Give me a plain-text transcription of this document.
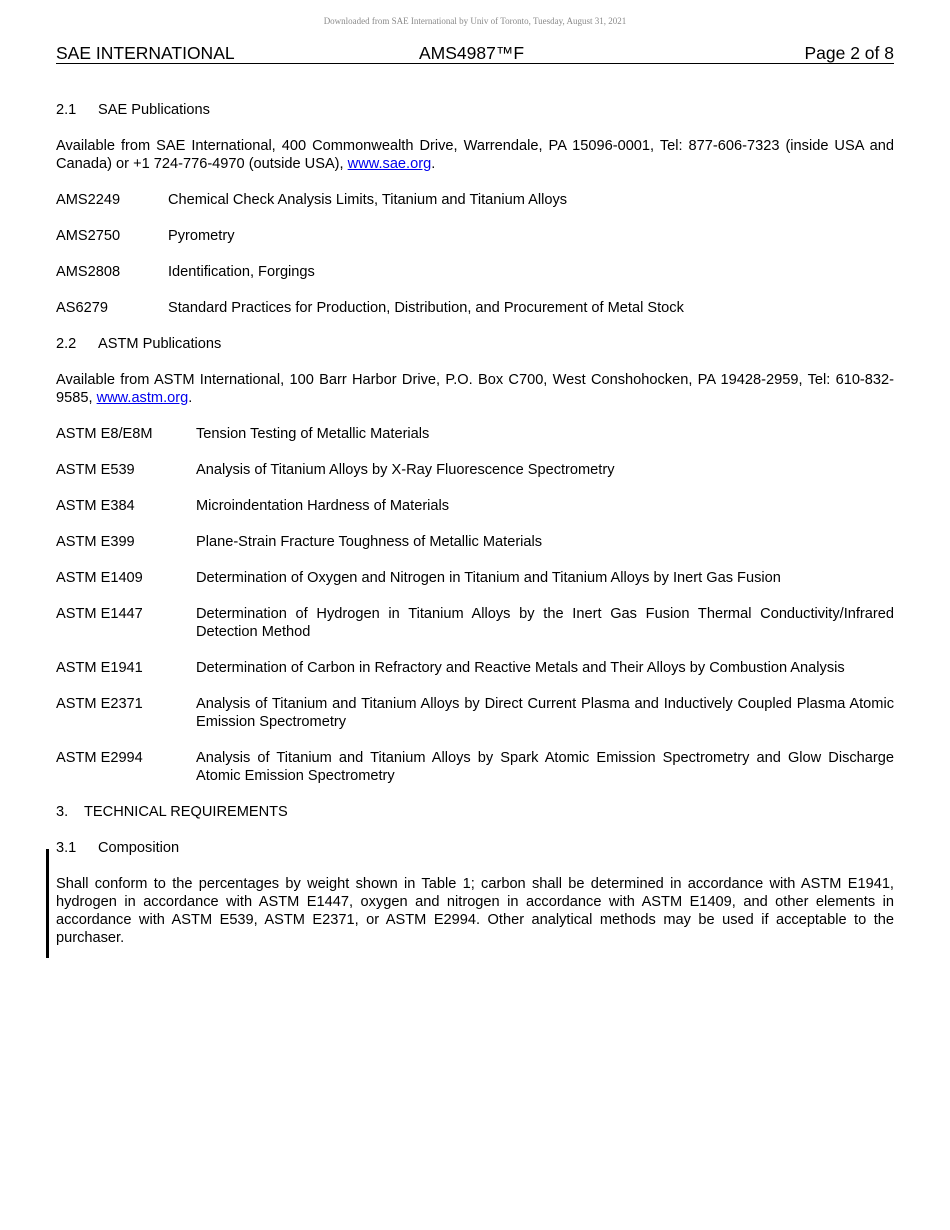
Downloaded from SAE International by Univ of Toronto, Tuesday, August 31, 2021
SAE INTERNATIONAL	AMS4987™F	Page 2 of 8
2.1 SAE Publications
Available from SAE International, 400 Commonwealth Drive, Warrendale, PA 15096-0001, Tel: 877-606-7323 (inside USA and Canada) or +1 724-776-4970 (outside USA), www.sae.org.
AMS2249	Chemical Check Analysis Limits, Titanium and Titanium Alloys
AMS2750	Pyrometry
AMS2808	Identification, Forgings
AS6279	Standard Practices for Production, Distribution, and Procurement of Metal Stock
2.2 ASTM Publications
Available from ASTM International, 100 Barr Harbor Drive, P.O. Box C700, West Conshohocken, PA 19428-2959, Tel: 610-832-9585, www.astm.org.
ASTM E8/E8M	Tension Testing of Metallic Materials
ASTM E539	Analysis of Titanium Alloys by X-Ray Fluorescence Spectrometry
ASTM E384	Microindentation Hardness of Materials
ASTM E399	Plane-Strain Fracture Toughness of Metallic Materials
ASTM E1409	Determination of Oxygen and Nitrogen in Titanium and Titanium Alloys by Inert Gas Fusion
ASTM E1447	Determination of Hydrogen in Titanium Alloys by the Inert Gas Fusion Thermal Conductivity/Infrared Detection Method
ASTM E1941	Determination of Carbon in Refractory and Reactive Metals and Their Alloys by Combustion Analysis
ASTM E2371	Analysis of Titanium and Titanium Alloys by Direct Current Plasma and Inductively Coupled Plasma Atomic Emission Spectrometry
ASTM E2994	Analysis of Titanium and Titanium Alloys by Spark Atomic Emission Spectrometry and Glow Discharge Atomic Emission Spectrometry
3. TECHNICAL REQUIREMENTS
3.1 Composition
Shall conform to the percentages by weight shown in Table 1; carbon shall be determined in accordance with ASTM E1941, hydrogen in accordance with ASTM E1447, oxygen and nitrogen in accordance with ASTM E1409, and other elements in accordance with ASTM E539, ASTM E2371, or ASTM E2994. Other analytical methods may be used if acceptable to the purchaser.
